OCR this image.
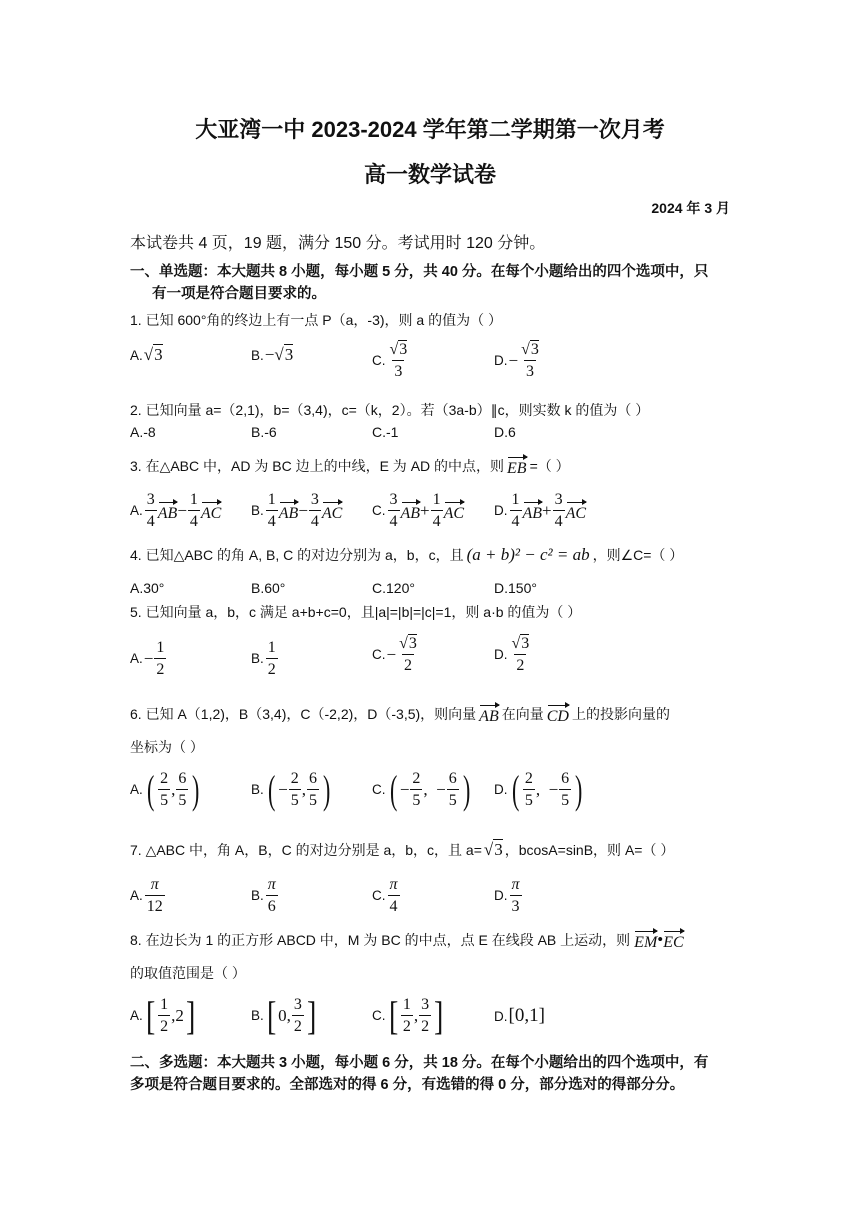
大亚湾一中 2023-2024 学年第二学期第一次月考
高一数学试卷
2024 年 3 月
本试卷共 4 页，19 题，满分 150 分。考试用时 120 分钟。
一、单选题：本大题共 8 小题，每小题 5 分，共 40 分。在每个小题给出的四个选项中，只
有一项是符合题目要求的。
1. 已知 600°角的终边上有一点 P（a，-3)，则 a 的值为（ ）
A. √3	B. − √3	C. $\frac{√3}{3}$	D. − $\frac{√3}{3}$
2. 已知向量 a=（2,1)，b=（3,4)，c=（k，2）。若（3a-b）∥c，则实数 k 的值为（ ）
A.-8	B.-6	C.-1	D.6
3. 在△ABC 中，AD 为 BC 边上的中线，E 为 AD 的中点，则 EB =（ ）
A. $\frac{3}{4}$ AB − $\frac{1}{4}$ AC B. $\frac{1}{4}$ AB − $\frac{3}{4}$ AC C. $\frac{3}{4}$ AB + $\frac{1}{4}$ AC D. $\frac{1}{4}$ AB + $\frac{3}{4}$ AC
4. 已知△ABC 的角 A, B, C 的对边分别为 a，b，c，且 (a + b)² − c² = ab ，则∠C=（ ）
A.30°	B.60°	C.120°	D.150°
5. 已知向量 a，b，c 满足 a+b+c=0，且|a|=|b|=|c|=1，则 a·b 的值为（ ）
A. − $\frac{1}{2}$	B. $\frac{1}{2}$	C. − $\frac{√3}{2}$	D. $\frac{√3}{2}$
6. 已知 A（1,2)，B（3,4)，C（-2,2)，D（-3,5)，则向量 AB 在向量 CD 上的投影向量的
坐标为（ ）
A. ( $\frac{2}{5}$ , $\frac{6}{5}$ )	B. ( − $\frac{2}{5}$ , $\frac{6}{5}$ )	C. ( − $\frac{2}{5}$ ,  − $\frac{6}{5}$ ) D. ( $\frac{2}{5}$ ,  − $\frac{6}{5}$ )
7. △ABC 中，角 A，B，C 的对边分别是 a，b，c，且 a= √3 ，bcosA=sinB，则 A=（ ）
A. $\frac{\pi}{12}$	B. $\frac{\pi}{6}$	C. $\frac{\pi}{4}$	D. $\frac{\pi}{3}$
8. 在边长为 1 的正方形 ABCD 中，M 为 BC 的中点，点 E 在线段 AB 上运动，则 EM • EC
的取值范围是（ ）
A. [ $\frac{1}{2} ,2$ ]	B. [ 0, $\frac{3}{2}$ ]	C. [ $\frac{1}{2}$ , $\frac{3}{2}$ ]	D. [0,1]
二、多选题：本大题共 3 小题，每小题 6 分，共 18 分。在每个小题给出的四个选项中，有
多项是符合题目要求的。全部选对的得 6 分，有选错的得 0 分，部分选对的得部分分。
